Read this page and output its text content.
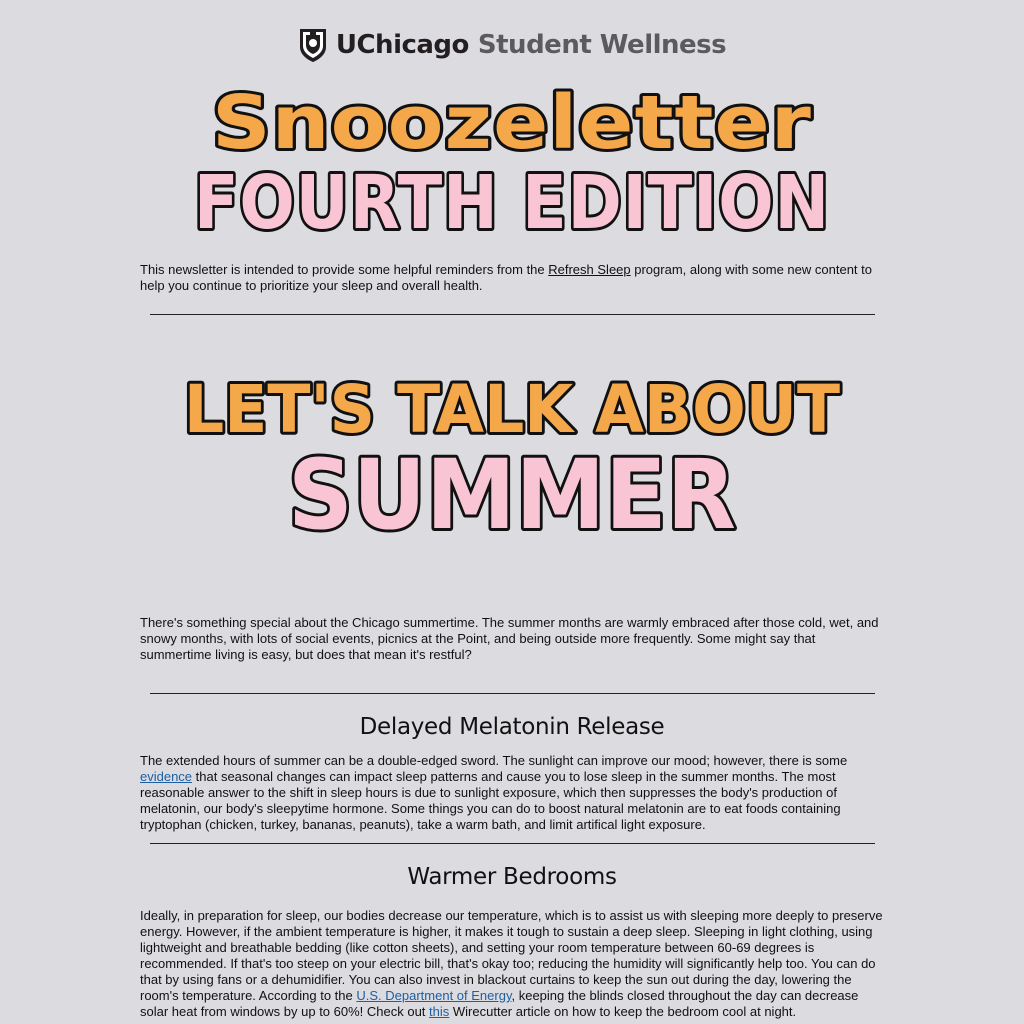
UChicago Student Wellness
Snoozeletter
FOURTH EDITION
This newsletter is intended to provide some helpful reminders from the Refresh Sleep program, along with some new content to help you continue to prioritize your sleep and overall health.
LET'S TALK ABOUT
SUMMER
There's something special about the Chicago summertime. The summer months are warmly embraced after those cold, wet, and snowy months, with lots of social events, picnics at the Point, and being outside more frequently. Some might say that summertime living is easy, but does that mean it's restful?
Delayed Melatonin Release
The extended hours of summer can be a double-edged sword. The sunlight can improve our mood; however, there is some evidence that seasonal changes can impact sleep patterns and cause you to lose sleep in the summer months. The most reasonable answer to the shift in sleep hours is due to sunlight exposure, which then suppresses the body's production of melatonin, our body's sleepytime hormone. Some things you can do to boost natural melatonin are to eat foods containing tryptophan (chicken, turkey, bananas, peanuts), take a warm bath, and limit artifical light exposure.
Warmer Bedrooms
Ideally, in preparation for sleep, our bodies decrease our temperature, which is to assist us with sleeping more deeply to preserve energy. However, if the ambient temperature is higher, it makes it tough to sustain a deep sleep. Sleeping in light clothing, using lightweight and breathable bedding (like cotton sheets), and setting your room temperature between 60-69 degrees is recommended. If that's too steep on your electric bill, that's okay too; reducing the humidity will significantly help too. You can do that by using fans or a dehumidifier. You can also invest in blackout curtains to keep the sun out during the day, lowering the room's temperature. According to the U.S. Department of Energy, keeping the blinds closed throughout the day can decrease solar heat from windows by up to 60%! Check out this Wirecutter article on how to keep the bedroom cool at night.
